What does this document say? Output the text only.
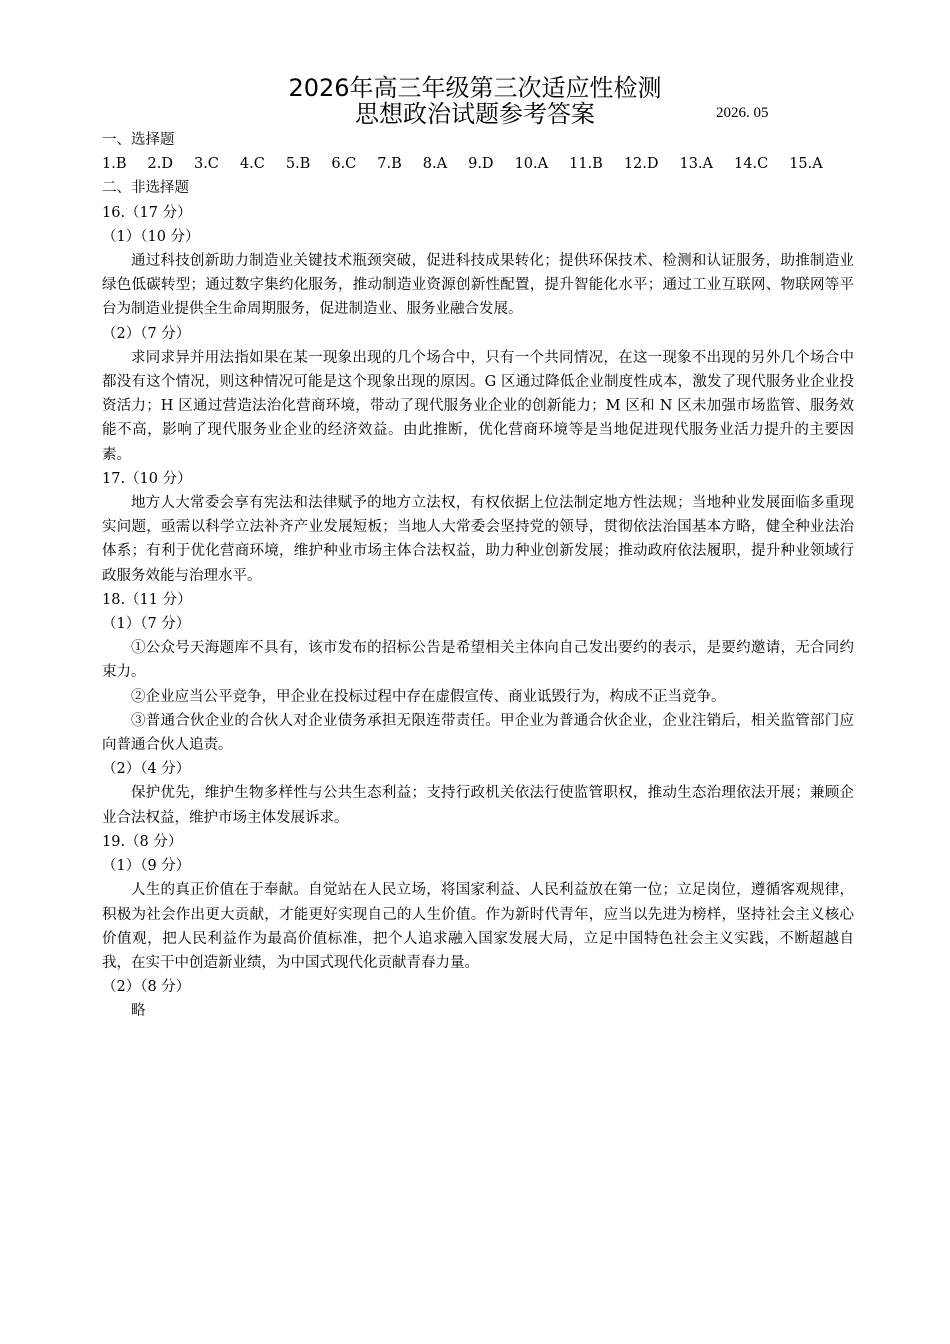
2026年高三年级第三次适应性检测
思想政治试题参考答案	2026. 05

一、选择题

1.B 2.D 3.C 4.C 5.B 6.C 7.B 8.A 9.D 10.A 11.B 12.D 13.A 14.C 15.A

二、非选择题

16.（17 分）

（1）（10 分）

通过科技创新助力制造业关键技术瓶颈突破，促进科技成果转化；提供环保技术、检测和认证服务，助推制造业绿色低碳转型；通过数字集约化服务，推动制造业资源创新性配置，提升智能化水平；通过工业互联网、物联网等平台为制造业提供全生命周期服务，促进制造业、服务业融合发展。

（2）（7 分）

求同求异并用法指如果在某一现象出现的几个场合中，只有一个共同情况，在这一现象不出现的另外几个场合中都没有这个情况，则这种情况可能是这个现象出现的原因。G 区通过降低企业制度性成本，激发了现代服务业企业投资活力；H 区通过营造法治化营商环境，带动了现代服务业企业的创新能力；M 区和 N 区未加强市场监管、服务效能不高，影响了现代服务业企业的经济效益。由此推断，优化营商环境等是当地促进现代服务业活力提升的主要因素。

17.（10 分）

地方人大常委会享有宪法和法律赋予的地方立法权，有权依据上位法制定地方性法规；当地种业发展面临多重现实问题，亟需以科学立法补齐产业发展短板；当地人大常委会坚持党的领导，贯彻依法治国基本方略，健全种业法治体系；有利于优化营商环境，维护种业市场主体合法权益，助力种业创新发展；推动政府依法履职，提升种业领域行政服务效能与治理水平。

18.（11 分）

（1）（7 分）

①公众号天海题库不具有，该市发布的招标公告是希望相关主体向自己发出要约的表示，是要约邀请，无合同约束力。

②企业应当公平竞争，甲企业在投标过程中存在虚假宣传、商业诋毁行为，构成不正当竞争。

③普通合伙企业的合伙人对企业债务承担无限连带责任。甲企业为普通合伙企业，企业注销后，相关监管部门应向普通合伙人追责。

（2）（4 分）

保护优先，维护生物多样性与公共生态利益；支持行政机关依法行使监管职权，推动生态治理依法开展；兼顾企业合法权益，维护市场主体发展诉求。

19.（8 分）

（1）（9 分）

人生的真正价值在于奉献。自觉站在人民立场，将国家利益、人民利益放在第一位；立足岗位，遵循客观规律，积极为社会作出更大贡献，才能更好实现自己的人生价值。作为新时代青年，应当以先进为榜样，坚持社会主义核心价值观，把人民利益作为最高价值标准，把个人追求融入国家发展大局，立足中国特色社会主义实践，不断超越自我，在实干中创造新业绩，为中国式现代化贡献青春力量。

（2）（8 分）

略
